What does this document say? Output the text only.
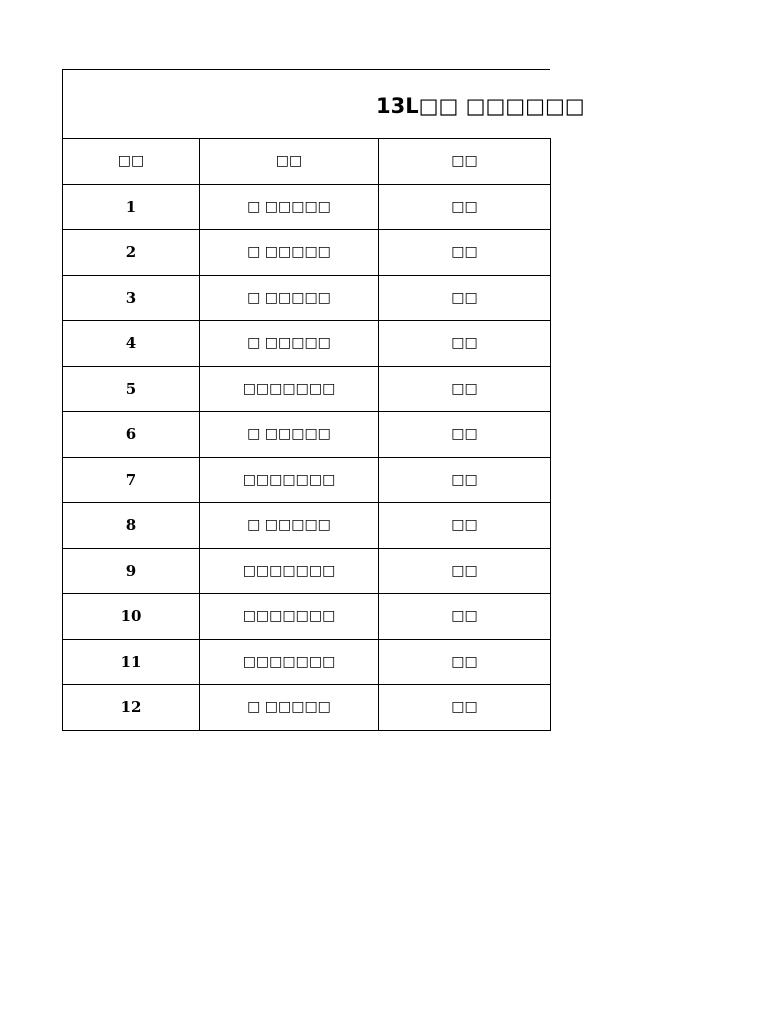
13L□□ □□□□□□
□□	□□	□□
1	□ □□□□□	□□
2	□ □□□□□	□□
3	□ □□□□□	□□
4	□ □□□□□	□□
5	□□□□□□□	□□
6	□ □□□□□	□□
7	□□□□□□□	□□
8	□ □□□□□	□□
9	□□□□□□□	□□
10	□□□□□□□	□□
11	□□□□□□□	□□
12	□ □□□□□	□□
